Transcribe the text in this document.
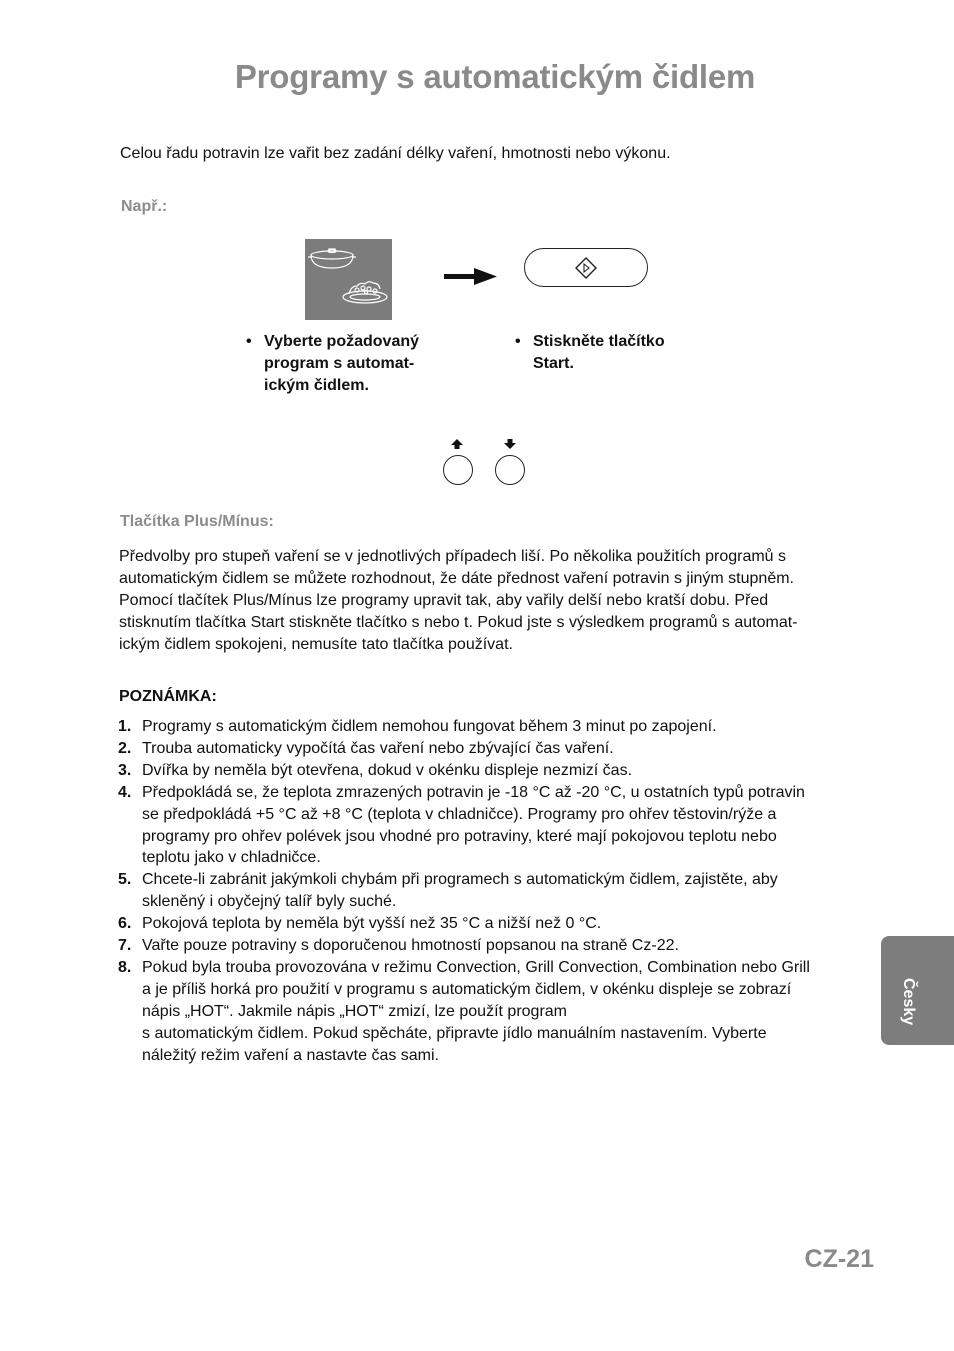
Programy s automatickým čidlem
Celou řadu potravin lze vařit bez zadání délky vaření, hmotnosti nebo výkonu.
Např.:
• Vyberte požadovaný
program s automat-
ickým čidlem.
• Stiskněte tlačítko
Start.
Tlačítka Plus/Mínus:
Předvolby pro stupeň vaření se v jednotlivých případech liší. Po několika použitích programů s
automatickým čidlem se můžete rozhodnout, že dáte přednost vaření potravin s jiným stupněm.
Pomocí tlačítek Plus/Mínus lze programy upravit tak, aby vařily delší nebo kratší dobu. Před
stisknutím tlačítka Start stiskněte tlačítko s nebo t. Pokud jste s výsledkem programů s automat-
ickým čidlem spokojeni, nemusíte tato tlačítka používat.
POZNÁMKA:
1. Programy s automatickým čidlem nemohou fungovat během 3 minut po zapojení.
2. Trouba automaticky vypočítá čas vaření nebo zbývající čas vaření.
3. Dvířka by neměla být otevřena, dokud v okénku displeje nezmizí čas.
4. Předpokládá se, že teplota zmrazených potravin je -18 °C až -20 °C, u ostatních typů potravin
se předpokládá +5 °C až +8 °C (teplota v chladničce). Programy pro ohřev těstovin/rýže a
programy pro ohřev polévek jsou vhodné pro potraviny, které mají pokojovou teplotu nebo
teplotu jako v chladničce.
5. Chcete-li zabránit jakýmkoli chybám při programech s automatickým čidlem, zajistěte, aby
skleněný i obyčejný talíř byly suché.
6. Pokojová teplota by neměla být vyšší než 35 °C a nižší než 0 °C.
7. Vařte pouze potraviny s doporučenou hmotností popsanou na straně Cz-22.
8. Pokud byla trouba provozována v režimu Convection, Grill Convection, Combination nebo Grill
a je příliš horká pro použití v programu s automatickým čidlem, v okénku displeje se zobrazí
nápis „HOT“. Jakmile nápis „HOT“ zmizí, lze použít program
s automatickým čidlem. Pokud spěcháte, připravte jídlo manuálním nastavením. Vyberte
náležitý režim vaření a nastavte čas sami.
Česky
CZ-21
